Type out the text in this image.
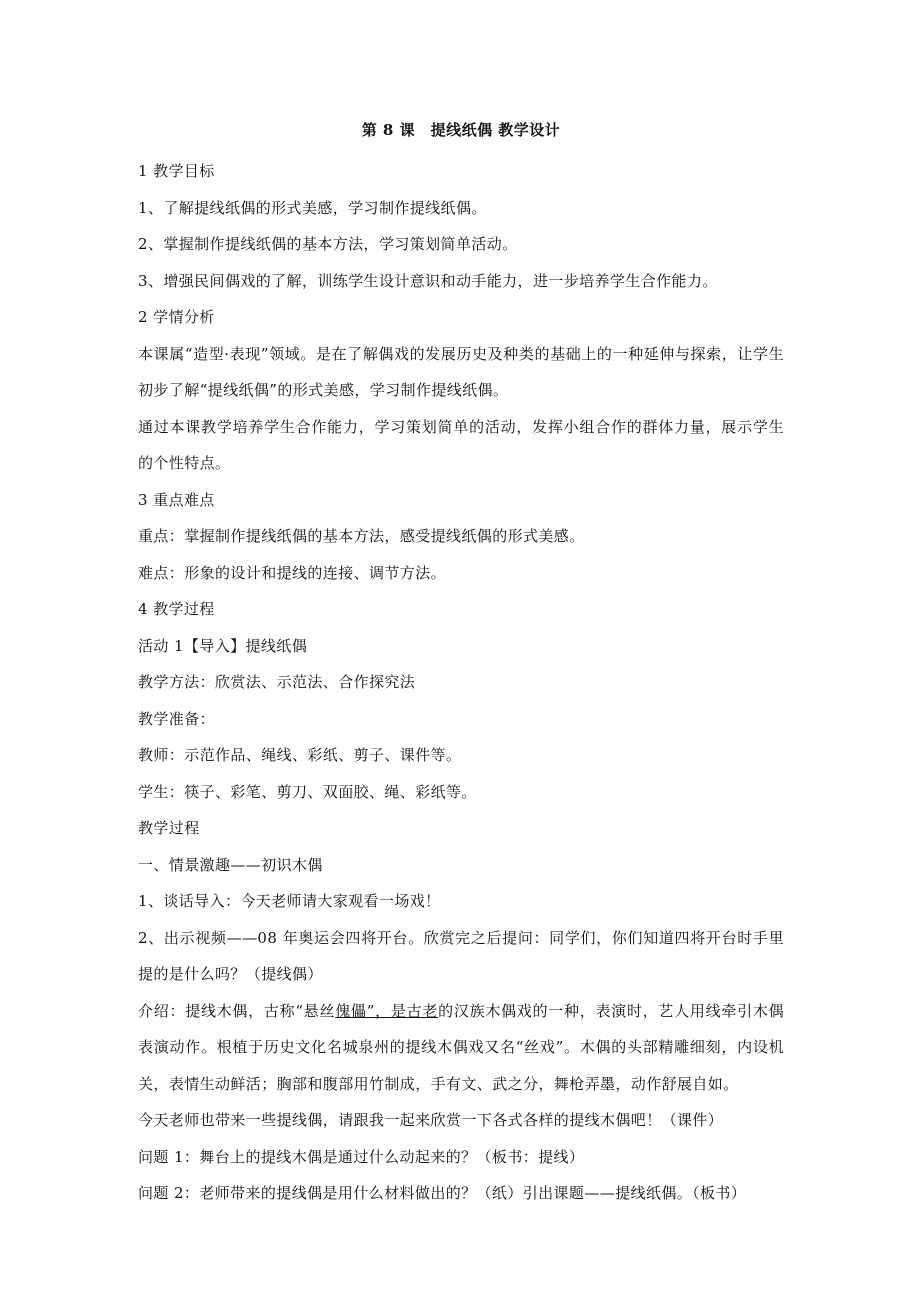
第 8 课　提线纸偶 教学设计

1 教学目标

1、了解提线纸偶的形式美感，学习制作提线纸偶。

2、掌握制作提线纸偶的基本方法，学习策划简单活动。

3、增强民间偶戏的了解，训练学生设计意识和动手能力，进一步培养学生合作能力。

2 学情分析

本课属“造型·表现”领域。是在了解偶戏的发展历史及种类的基础上的一种延伸与探索，让学生初步了解“提线纸偶”的形式美感，学习制作提线纸偶。

通过本课教学培养学生合作能力，学习策划简单的活动，发挥小组合作的群体力量，展示学生的个性特点。

3 重点难点

重点：掌握制作提线纸偶的基本方法，感受提线纸偶的形式美感。

难点：形象的设计和提线的连接、调节方法。

4 教学过程

活动 1【导入】提线纸偶

教学方法：欣赏法、示范法、合作探究法

教学准备：

教师：示范作品、绳线、彩纸、剪子、课件等。

学生：筷子、彩笔、剪刀、双面胶、绳、彩纸等。

教学过程

一、情景激趣——初识木偶

1、谈话导入：今天老师请大家观看一场戏！

2、出示视频——08 年奥运会四将开台。欣赏完之后提问：同学们，你们知道四将开台时手里提的是什么吗？（提线偶）

介绍：提线木偶，古称“悬丝傀儡”，是古老的汉族木偶戏的一种，表演时，艺人用线牵引木偶表演动作。根植于历史文化名城泉州的提线木偶戏又名“丝戏”。木偶的头部精雕细刻，内设机关，表情生动鲜活；胸部和腹部用竹制成，手有文、武之分，舞枪弄墨，动作舒展自如。

今天老师也带来一些提线偶，请跟我一起来欣赏一下各式各样的提线木偶吧！（课件）

问题 1：舞台上的提线木偶是通过什么动起来的？（板书：提线）

问题 2：老师带来的提线偶是用什么材料做出的？（纸）引出课题——提线纸偶。（板书）
